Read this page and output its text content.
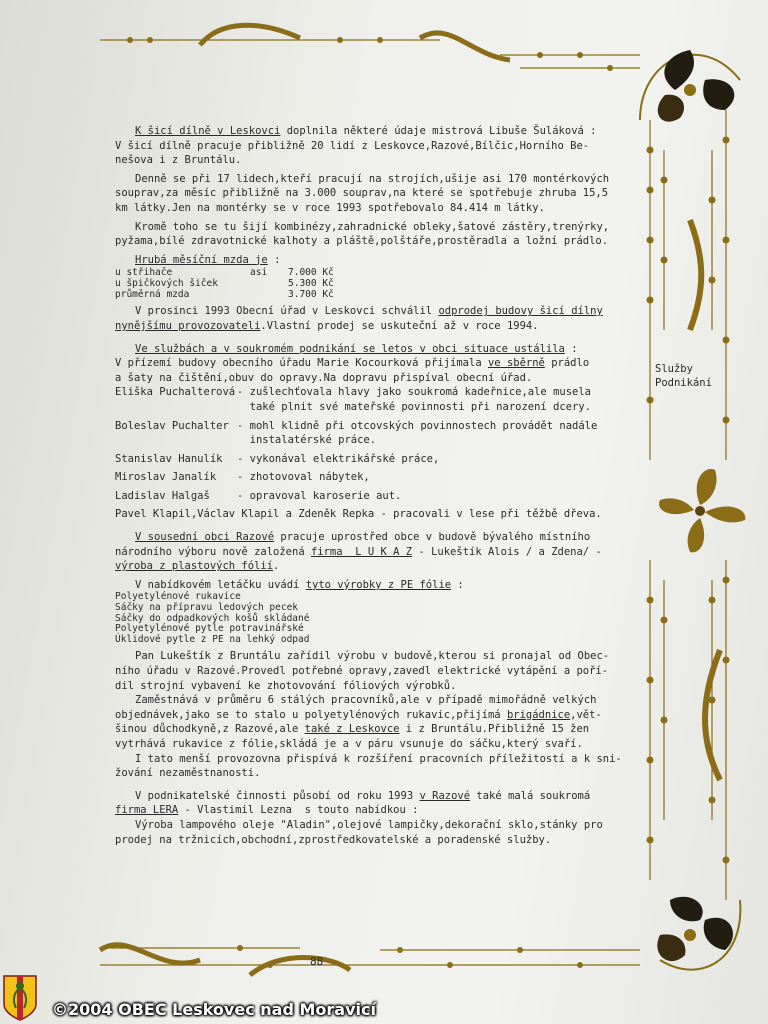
K šicí dílně v Leskovci doplnila některé údaje mistrová Libuše Šuláková :

V šicí dílně pracuje přibližně 20 lidí z Leskovce,Razové,Bílčic,Horního Be-

nešova i z Bruntálu.

Denně se při 17 lidech,kteří pracují na strojích,ušije asi 170 montérkových

souprav,za měsíc přibližně na 3.000 souprav,na které se spotřebuje zhruba 15,5

km látky.Jen na montérky se v roce 1993 spotřebovalo 84.414 m látky.

Kromě toho se tu šijí kombinézy,zahradnické obleky,šatové zástěry,trenýrky,

pyžama,bílé zdravotnické kalhoty a pláště,polštáře,prostěradla a ložní prádlo.

Hrubá měsíční mzda je :

u střihače	asi	7.000 Kč
u špičkových šiček	5.300 Kč
průměrná mzda	3.700 Kč

V prosinci 1993 Obecní úřad v Leskovci schválil odprodej budovy šicí dílny

nynějšímu provozovateli.Vlastní prodej se uskuteční až v roce 1994.

Ve službách a v soukromém podnikání se letos v obci situace ustálila :

V přízemí budovy obecního úřadu Marie Kocourková přijímala ve sběrně prádlo

a šaty na čištění,obuv do opravy.Na dopravu přispíval obecní úřad.

Eliška Puchalterová - zušlechťovala hlavy jako soukromá kadeřnice,ale musela
také plnit své mateřské povinnosti při narození dcery.
Boleslav Puchalter - mohl klidně při otcovských povinnostech provádět nadále
instalatérské práce.
Stanislav Hanulík	- vykonával elektrikářské práce,
Miroslav Janalík	- zhotovoval nábytek,
Ladislav Halgaš	- opravoval karoserie aut.

Pavel Klapil,Václav Klapil a Zdeněk Repka - pracovali v lese při těžbě dřeva.

V sousední obci Razové pracuje uprostřed obce v budově bývalého místního

národního výboru nově založená firma  L U K A Z - Lukeštík Alois / a Zdena/ -

výroba z plastových fólií.

V nabídkovém letáčku uvádí tyto výrobky z PE fólie :

Polyetylénové rukavice
Sáčky na přípravu ledových pecek
Sáčky do odpadkových košů skládané
Polyetylénové pytle potravinářské
Úklidové pytle z PE na lehký odpad

Pan Lukeštík z Bruntálu zařídil výrobu v budově,kterou si pronajal od Obec-

ního úřadu v Razové.Provedl potřebné opravy,zavedl elektrické vytápění a poří-

dil strojní vybavení ke zhotovování fóliových výrobků.

Zaměstnává v průměru 6 stálých pracovníků,ale v případě mimořádně velkých

objednávek,jako se to stalo u polyetylénových rukavic,přijímá brigádnice,vět-

šinou důchodkyně,z Razové,ale také z Leskovce i z Bruntálu.Přibližně 15 žen

vytrhává rukavice z fólie,skládá je a v páru vsunuje do sáčku,který svaří.

I tato menší provozovna přispívá k rozšíření pracovních příležitostí a k sni-

žování nezaměstnanosti.

V podnikatelské činnosti působí od roku 1993 v Razové také malá soukromá

firma LERA - Vlastimil Lezna  s touto nabídkou :

Výroba lampového oleje "Aladin",olejové lampičky,dekorační sklo,stánky pro

prodej na tržnicích,obchodní,zprostředkovatelské a poradenské služby.

Služby
Podnikání
88
©2004 OBEC Leskovec nad Moravicí
